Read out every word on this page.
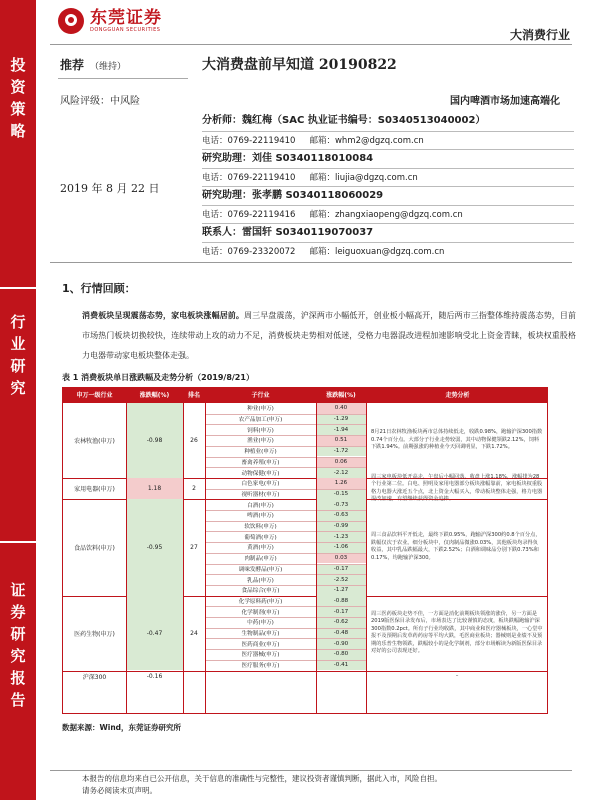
投
资
策
略
行
业
研
究
证
券
研
究
报
告
东莞证券
DONGGUAN SECURITIES	大消费行业
推荐 （维持）
风险评级：中风险
2019 年 8 月 22 日
大消费盘前早知道 20190822
国内啤酒市场加速高端化
分析师：魏红梅（SAC 执业证书编号：S0340513040002）
电话：0769-22119410 邮箱：whm2@dgzq.com.cn
研究助理：刘佳 S0340118010084
电话：0769-22119410 邮箱：liujia@dgzq.com.cn
研究助理：张孝鹏 S0340118060029
电话：0769-22119416 邮箱：zhangxiaopeng@dgzq.com.cn
联系人：雷国轩 S0340119070037
电话：0769-23320072 邮箱：leiguoxuan@dgzq.com.cn
1、行情回顾：
消费板块呈现震荡态势，家电板块涨幅居前。周三早盘震荡，沪深两市小幅低开，创业板小幅高开，随后两市三指整体维持震荡态势，目前市场热门板块切换较快，连续带动上攻的动力不足，消费板块走势相对低迷，受格力电器混改进程加速影响受北上资金青睐，板块权重股格力电器带动家电板块整体走强。
表 1 消费板块单日涨跌幅及走势分析（2019/8/21）
申万一级行业	涨跌幅(%)	排名	子行业	涨跌幅(%)	走势分析
农林牧渔(申万)	-0.98	26
种业(申万)	0.40
农产品加工(申万)	-1.29
饲料(申万)	-1.94
渔业(申万)	0.51
种植业(申万)	-1.72
畜禽养殖(申万)	0.06
动物保健(申万)	-2.12
8月21日农林牧渔板块两市总体持续低走，收跌0.98%，跑输沪深300指数0.74个百分点。大部分子行业走势较弱，其中动物保健领跌2.12%，饲料下跌1.94%。前期强涨的种植业今天回调明显，下跌1.72%。
家用电器(申万)	1.18	2
白色家电(申万)	1.26
视听器材(申万)	-0.15
周三家电板块低开高走，午盘后小幅回落，收盘上涨1.18%，涨幅排为28个行业第二位。白电、照明及家用电器部分板块涨幅靠前，家电板块权重股格力电器大涨近五个点，北上资金大幅买入，带动板块整体走强，格力电器混改加速，有望继续获得资金追捧。
食品饮料(申万)	-0.95	27
白酒(申万)	-0.73
啤酒(申万)	-0.63
软饮料(申万)	-0.99
葡萄酒(申万)	-1.23
黄酒(申万)	-1.06
肉制品(申万)	0.03
调味发酵品(申万)	-0.17
乳品(申万)	-2.52
食品综合(申万)	-1.27
周三食品饮料平开低走，最终下跌0.95%，跑输沪深300约0.8个百分点，跌幅仅次于农业。细分板块中，仅肉制品微涨0.03%，其他板块均录得负收益，其中乳品跌幅最大，下跌2.52%；白酒和调味品分别下跌0.73%和0.17%，均跑输沪深300。
医药生物(申万)	-0.47	24
化学原料药(申万)	-0.88
化学制剂(申万)	-0.17
中药(申万)	-0.62
生物制品(申万)	-0.48
医药商业(申万)	-0.90
医疗器械(申万)	-0.80
医疗服务(申万)	-0.41
周三医药板块走势不佳，一方面是消化前期板块领涨的涨价，另一方面是2019版医保目录发布后，市场表达了比较谨慎的态度，板块跌幅跑输沪深300指数0.2pct。所有子行业均收跌，其中商业和医疗器械板块，一心堂中报不及预期后发草药药房等平均大跌，毛医商业板块；器械则是业绩不及预期的乐普生物领跌，跌幅较小的是化学制剂，部分市场解读为新版医保目录对好的公司表现还好。
沪深300	-0.16	–
数据来源：Wind，东莞证券研究所
本报告的信息均来自已公开信息，关于信息的准确性与完整性，建议投资者谨慎判断，据此入市，风险自担。
请务必阅读末页声明。
